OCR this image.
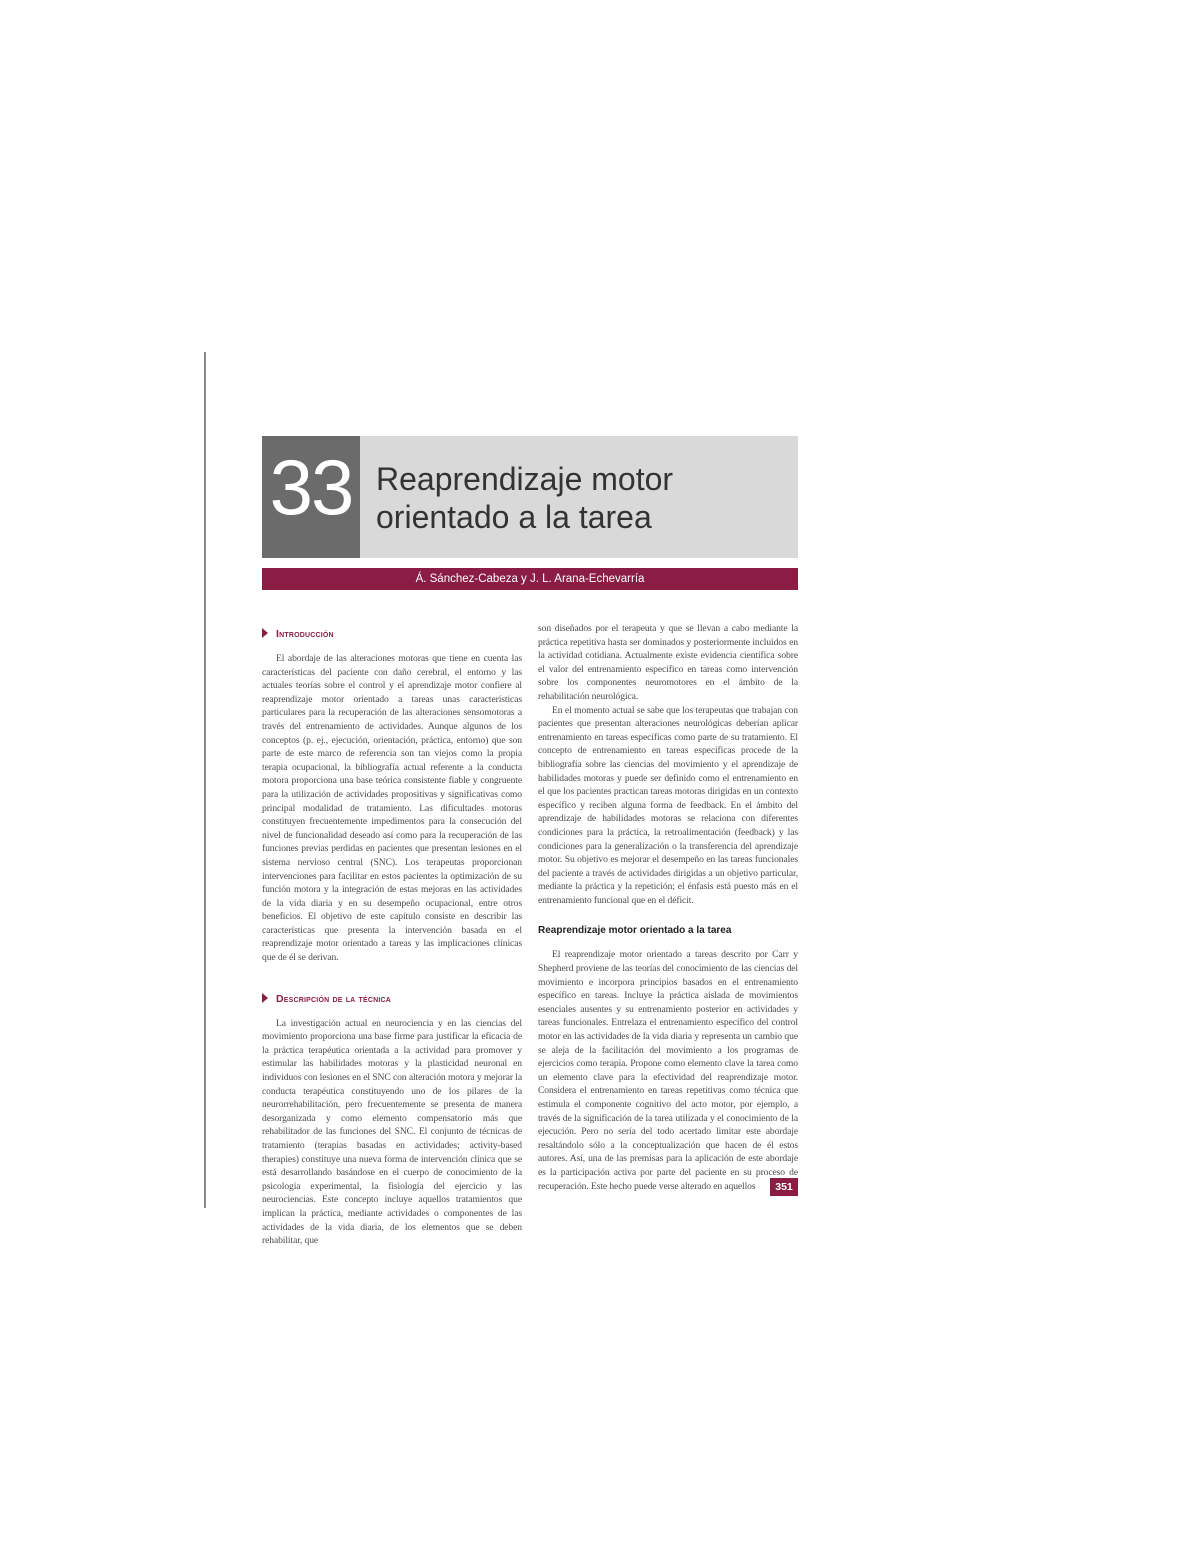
33 Reaprendizaje motor
orientado a la tarea
Á. Sánchez-Cabeza y J. L. Arana-Echevarría
Introducción

El abordaje de las alteraciones motoras que tiene en cuenta las características del paciente con daño cerebral, el entorno y las actuales teorías sobre el control y el aprendizaje motor confiere al reaprendizaje motor orientado a tareas unas características particulares para la recuperación de las alteraciones sensomotoras a través del entrenamiento de actividades. Aunque algunos de los conceptos (p. ej., ejecución, orientación, práctica, entorno) que son parte de este marco de referencia son tan viejos como la propia terapia ocupacional, la bibliografía actual referente a la conducta motora proporciona una base teórica consistente fiable y congruente para la utilización de actividades propositivas y significativas como principal modalidad de tratamiento. Las dificultades motoras constituyen frecuentemente impedimentos para la consecución del nivel de funcionalidad deseado así como para la recuperación de las funciones previas perdidas en pacientes que presentan lesiones en el sistema nervioso central (SNC). Los terapeutas proporcionan intervenciones para facilitar en estos pacientes la optimización de su función motora y la integración de estas mejoras en las actividades de la vida diaria y en su desempeño ocupacional, entre otros beneficios. El objetivo de este capítulo consiste en describir las características que presenta la intervención basada en el reaprendizaje motor orientado a tareas y las implicaciones clínicas que de él se derivan.

Descripción de la técnica

La investigación actual en neurociencia y en las ciencias del movimiento proporciona una base firme para justificar la eficacia de la práctica terapéutica orientada a la actividad para promover y estimular las habilidades motoras y la plasticidad neuronal en individuos con lesiones en el SNC con alteración motora y mejorar la conducta terapéutica constituyendo uno de los pilares de la neurorrehabilitación, pero frecuentemente se presenta de manera desorganizada y como elemento compensatorio más que rehabilitador de las funciones del SNC. El conjunto de técnicas de tratamiento (terapias basadas en actividades; activity-based therapies) constituye una nueva forma de intervención clínica que se está desarrollando basándose en el cuerpo de conocimiento de la psicología experimental, la fisiología del ejercicio y las neurociencias. Este concepto incluye aquellos tratamientos que implican la práctica, mediante actividades o componentes de las actividades de la vida diaria, de los elementos que se deben rehabilitar, que

son diseñados por el terapeuta y que se llevan a cabo mediante la práctica repetitiva hasta ser dominados y posteriormente incluidos en la actividad cotidiana. Actualmente existe evidencia científica sobre el valor del entrenamiento específico en tareas como intervención sobre los componentes neuromotores en el ámbito de la rehabilitación neurológica.

En el momento actual se sabe que los terapeutas que trabajan con pacientes que presentan alteraciones neurológicas deberían aplicar entrenamiento en tareas específicas como parte de su tratamiento. El concepto de entrenamiento en tareas específicas procede de la bibliografía sobre las ciencias del movimiento y el aprendizaje de habilidades motoras y puede ser definido como el entrenamiento en el que los pacientes practican tareas motoras dirigidas en un contexto específico y reciben alguna forma de feedback. En el ámbito del aprendizaje de habilidades motoras se relaciona con diferentes condiciones para la práctica, la retroalimentación (feedback) y las condiciones para la generalización o la transferencia del aprendizaje motor. Su objetivo es mejorar el desempeño en las tareas funcionales del paciente a través de actividades dirigidas a un objetivo particular, mediante la práctica y la repetición; el énfasis está puesto más en el entrenamiento funcional que en el déficit.

Reaprendizaje motor orientado a la tarea

El reaprendizaje motor orientado a tareas descrito por Carr y Shepherd proviene de las teorías del conocimiento de las ciencias del movimiento e incorpora principios basados en el entrenamiento específico en tareas. Incluye la práctica aislada de movimientos esenciales ausentes y su entrenamiento posterior en actividades y tareas funcionales. Entrelaza el entrenamiento específico del control motor en las actividades de la vida diaria y representa un cambio que se aleja de la facilitación del movimiento a los programas de ejercicios como terapia. Propone como elemento clave la tarea como un elemento clave para la efectividad del reaprendizaje motor. Considera el entrenamiento en tareas repetitivas como técnica que estimula el componente cognitivo del acto motor, por ejemplo, a través de la significación de la tarea utilizada y el conocimiento de la ejecución. Pero no sería del todo acertado limitar este abordaje resaltándolo sólo a la conceptualización que hacen de él estos autores. Así, una de las premisas para la aplicación de este abordaje es la participación activa por parte del paciente en su proceso de recuperación. Este hecho puede verse alterado en aquellos	351
